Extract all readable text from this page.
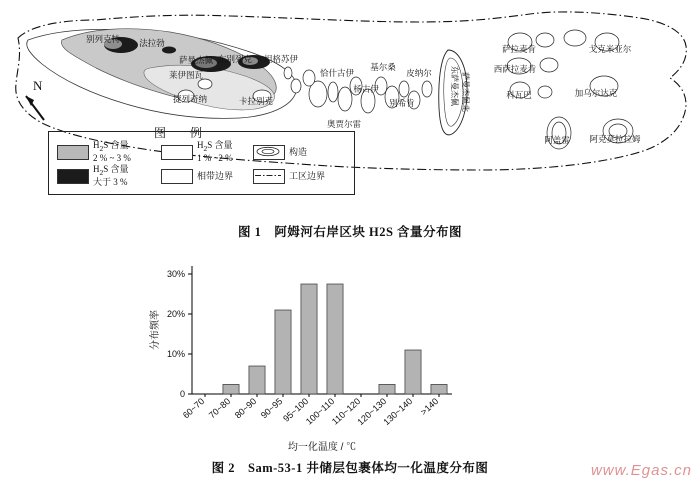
N
别列克特 法拉勃
萨曼杰佩 东别列克 坦格苏伊
恰什古伊
基尔桑
皮纳尔
萨拉麦肯	戈克米亚尔
西萨拉麦肯
科瓦巴	加乌尔达克
莱伊图瓦
捷列奇纳	卡拉别克
杨古伊
别希肯
奥贾尔雷
阿盖雷 阿克莫拉拉姆
东萨曼杰佩 萨曼杰佩北
图　例
$H_2S$ 含量
2 % ~ 3 %
$H_2S$ 含量
1 % ~2 %
构造
$H_2S$ 含量
大于 3 %
相带边界	工区边界
图 1　阿姆河右岸区块 H2S 含量分布图
0
10%
20%
30%
60~70 70~80 80~90 90~95
95~100
100~110
110~120
120~130
130~140 >140
均一化温度 / ℃
分布频率
图 2　Sam-53-1 井储层包裹体均一化温度分布图	www.Egas.cn
